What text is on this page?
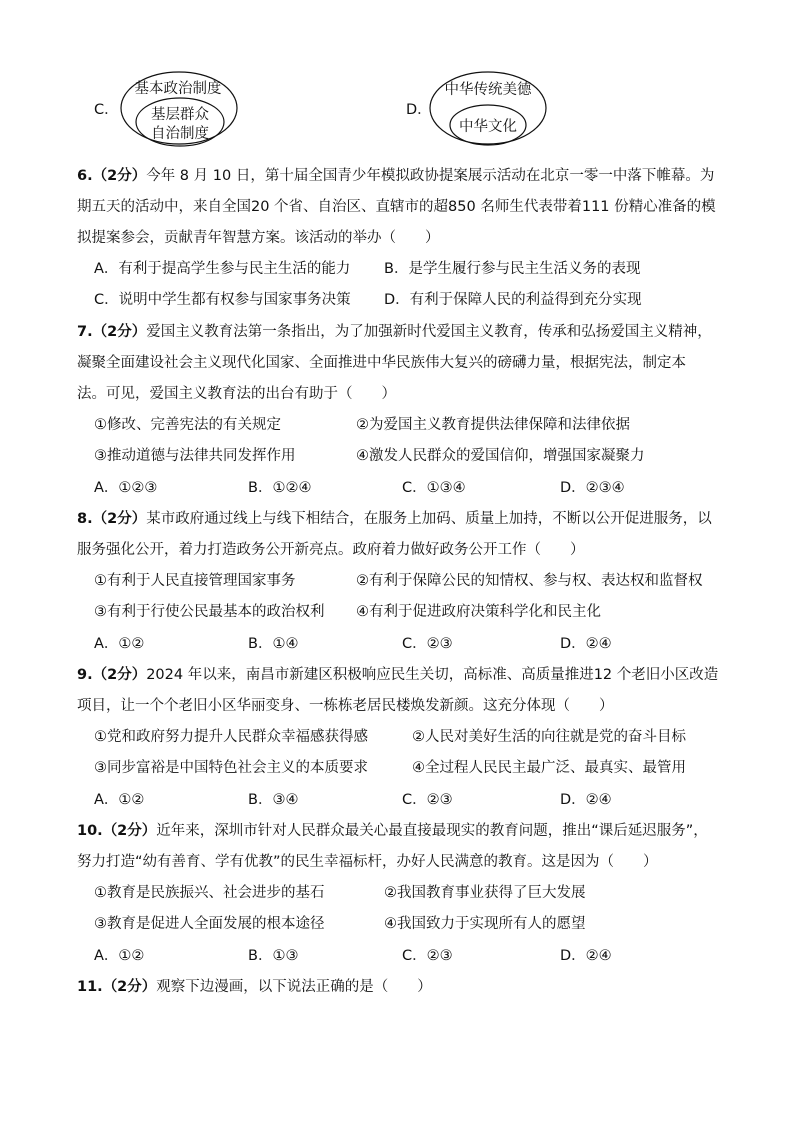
C．
基本政治制度
基层群众
自治制度
D．
中华传统美德
中华文化
6.（2分）今年 8 月 10 日，第十届全国青少年模拟政协提案展示活动在北京一零一中落下帷幕。为
期五天的活动中，来自全国20 个省、自治区、直辖市的超850 名师生代表带着111 份精心准备的模
拟提案参会，贡献青年智慧方案。该活动的举办（　　）
A．有利于提高学生参与民主生活的能力 B．是学生履行参与民主生活义务的表现
C．说明中学生都有权参与国家事务决策 D．有利于保障人民的利益得到充分实现
7.（2分）爱国主义教育法第一条指出，为了加强新时代爱国主义教育，传承和弘扬爱国主义精神，
凝聚全面建设社会主义现代化国家、全面推进中华民族伟大复兴的磅礴力量，根据宪法，制定本
法。可见，爱国主义教育法的出台有助于（　　）
①修改、完善宪法的有关规定	②为爱国主义教育提供法律保障和法律依据
③推动道德与法律共同发挥作用	④激发人民群众的爱国信仰，增强国家凝聚力
A．①②③	B．①②④	C．①③④	D．②③④
8.（2分）某市政府通过线上与线下相结合，在服务上加码、质量上加持，不断以公开促进服务，以
服务强化公开，着力打造政务公开新亮点。政府着力做好政务公开工作（　　）
①有利于人民直接管理国家事务	②有利于保障公民的知情权、参与权、表达权和监督权
③有利于行使公民最基本的政治权利 ④有利于促进政府决策科学化和民主化
A．①②	B．①④	C．②③	D．②④
9.（2分）2024 年以来，南昌市新建区积极响应民生关切，高标准、高质量推进12 个老旧小区改造
项目，让一个个老旧小区华丽变身、一栋栋老居民楼焕发新颜。这充分体现（　　）
①党和政府努力提升人民群众幸福感获得感	②人民对美好生活的向往就是党的奋斗目标
③同步富裕是中国特色社会主义的本质要求	④全过程人民民主最广泛、最真实、最管用
A．①②	B．③④	C．②③	D．②④
10.（2分）近年来，深圳市针对人民群众最关心最直接最现实的教育问题，推出“课后延迟服务”，
努力打造“幼有善育、学有优教”的民生幸福标杆，办好人民满意的教育。这是因为（　　）
①教育是民族振兴、社会进步的基石	②我国教育事业获得了巨大发展
③教育是促进人全面发展的根本途径	④我国致力于实现所有人的愿望
A．①②	B．①③	C．②③	D．②④
11.（2分）观察下边漫画，以下说法正确的是（　　）
